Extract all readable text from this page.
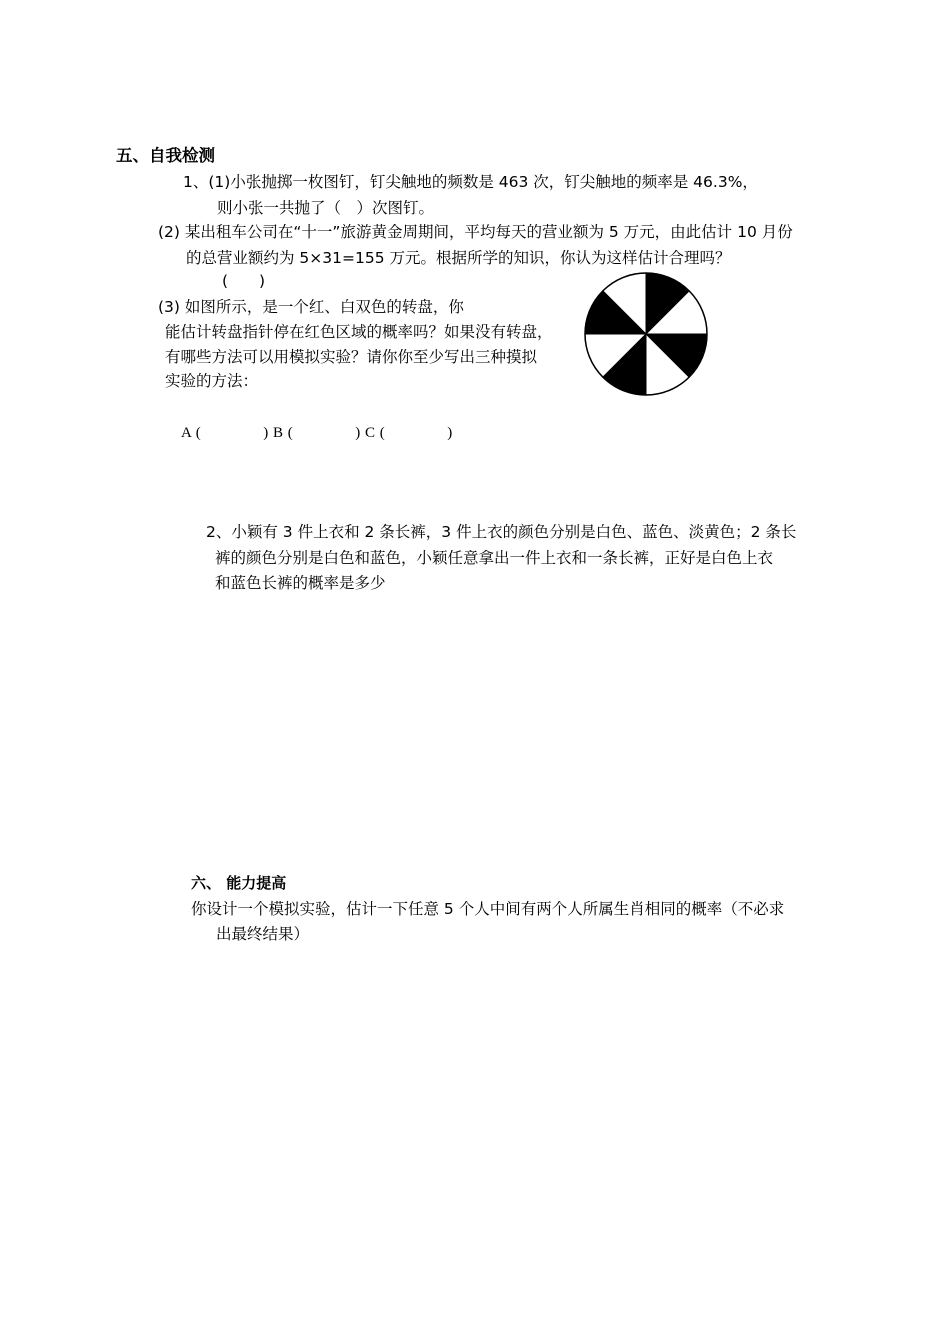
五、自我检测
1、(1)小张抛掷一枚图钉，钉尖触地的频数是 463 次，钉尖触地的频率是 46.3%，
则小张一共抛了（　）次图钉。
(2) 某出租车公司在“十一”旅游黄金周期间，平均每天的营业额为 5 万元，由此估计 10 月份
的总营业额约为 5×31=155 万元。根据所学的知识，你认为这样估计合理吗？
(　　)
(3) 如图所示，是一个红、白双色的转盘，你
能估计转盘指针停在红色区域的概率吗？如果没有转盘，
有哪些方法可以用模拟实验？请你你至少写出三种摸拟
实验的方法：
A (　　　　) B (　　　　) C (　　　　)
2、小颖有 3 件上衣和 2 条长裤，3 件上衣的颜色分别是白色、蓝色、淡黄色；2 条长
裤的颜色分别是白色和蓝色，小颖任意拿出一件上衣和一条长裤，正好是白色上衣
和蓝色长裤的概率是多少
六、 能力提高
你设计一个模拟实验，估计一下任意 5 个人中间有两个人所属生肖相同的概率（不必求
出最终结果）
